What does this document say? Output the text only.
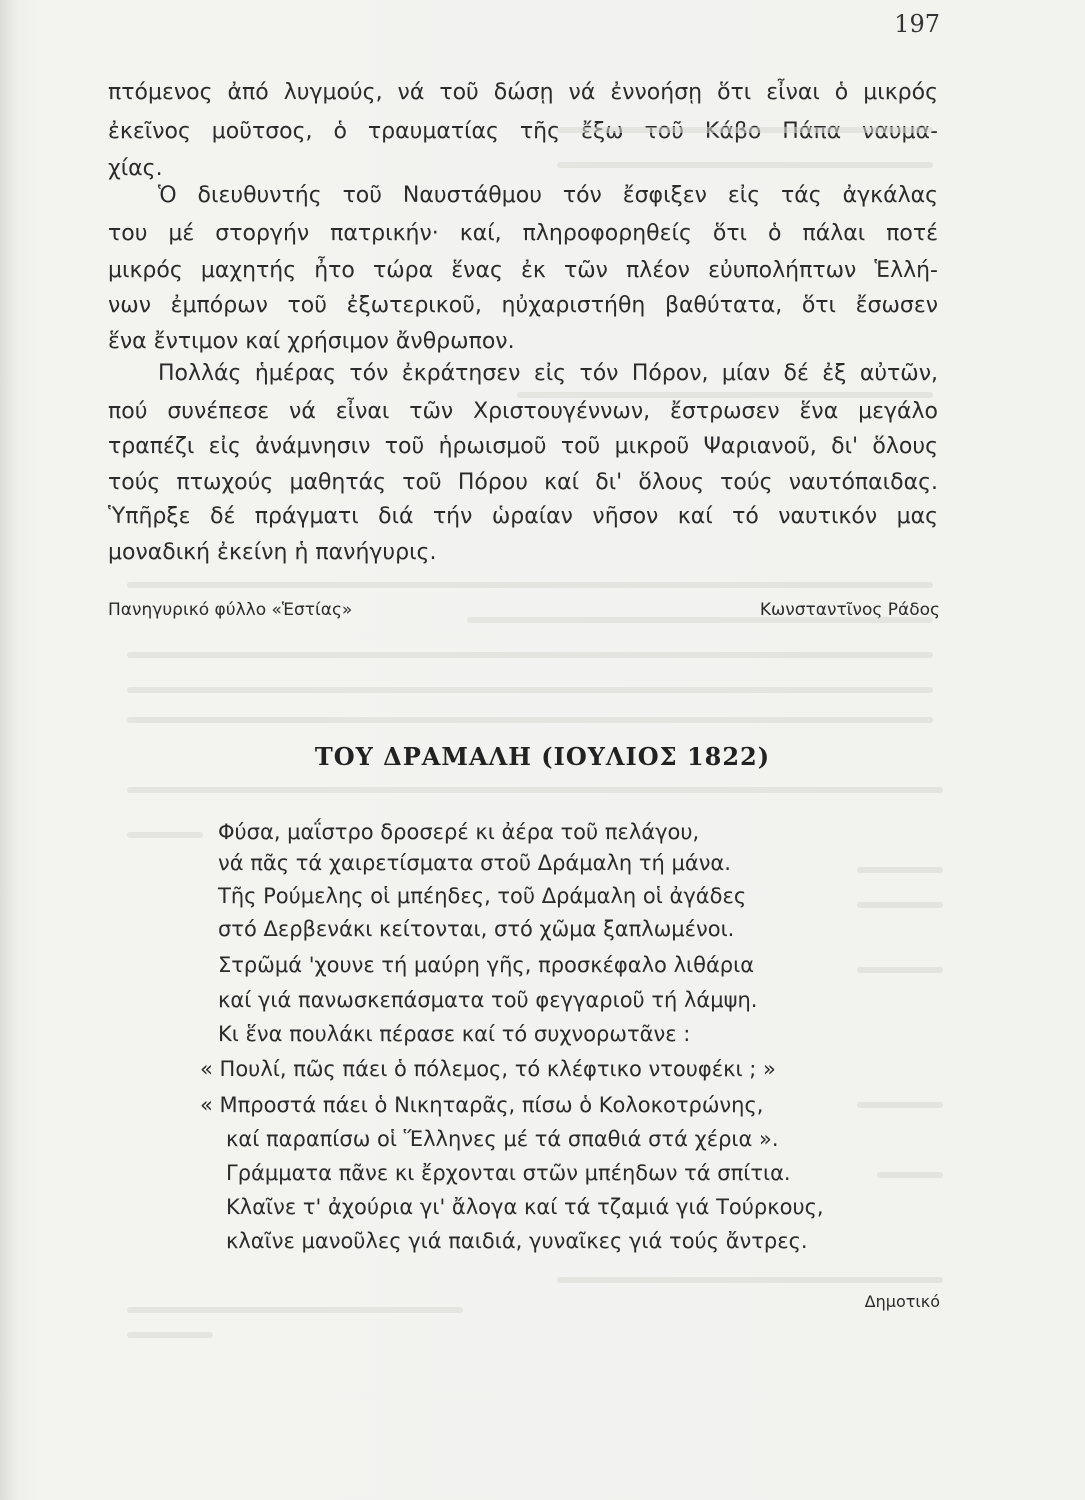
197
πτόμενος ἀπό λυγμούς, νά τοῦ δώσῃ νά ἐννοήσῃ ὅτι εἶναι ὁ μικρός
ἐκεῖνος μοῦτσος, ὁ τραυματίας τῆς ἔξω τοῦ Κάβο Πάπα ναυμα-
χίας.
Ὁ διευθυντής τοῦ Ναυστάθμου τόν ἔσφιξεν εἰς τάς ἀγκάλας
του μέ στοργήν πατρικήν· καί, πληροφορηθείς ὅτι ὁ πάλαι ποτέ
μικρός μαχητής ἦτο τώρα ἕνας ἐκ τῶν πλέον εὐυπολήπτων Ἑλλή-
νων ἐμπόρων τοῦ ἐξωτερικοῦ, ηὐχαριστήθη βαθύτατα, ὅτι ἔσωσεν
ἕνα ἔντιμον καί χρήσιμον ἄνθρωπον.
Πολλάς ἡμέρας τόν ἐκράτησεν εἰς τόν Πόρον, μίαν δέ ἐξ αὐτῶν,
πού συνέπεσε νά εἶναι τῶν Χριστουγέννων, ἔστρωσεν ἕνα μεγάλο
τραπέζι εἰς ἀνάμνησιν τοῦ ἡρωισμοῦ τοῦ μικροῦ Ψαριανοῦ, δι' ὅλους
τούς πτωχούς μαθητάς τοῦ Πόρου καί δι' ὅλους τούς ναυτόπαιδας.
Ὑπῆρξε δέ πράγματι διά τήν ὡραίαν νῆσον καί τό ναυτικόν μας
μοναδική ἐκείνη ἡ πανήγυρις.
Πανηγυρικό φύλλο «Ἑστίας»	Κωνσταντῖνος Ράδος
ΤΟΥ ΔΡΑΜΑΛΗ (ΙΟΥΛΙΟΣ 1822)
Φύσα, μαΐστρο δροσερέ κι ἀέρα τοῦ πελάγου,
νά πᾶς τά χαιρετίσματα στοῦ Δράμαλη τή μάνα.
Τῆς Ρούμελης οἱ μπέηδες, τοῦ Δράμαλη οἱ ἀγάδες
στό Δερβενάκι κείτονται, στό χῶμα ξαπλωμένοι.
Στρῶμά 'χουνε τή μαύρη γῆς, προσκέφαλο λιθάρια
καί γιά πανωσκεπάσματα τοῦ φεγγαριοῦ τή λάμψη.
Κι ἕνα πουλάκι πέρασε καί τό συχνορωτᾶνε :
« Πουλί, πῶς πάει ὁ πόλεμος, τό κλέφτικο ντουφέκι ; »
« Μπροστά πάει ὁ Νικηταρᾶς, πίσω ὁ Κολοκοτρώνης,
καί παραπίσω οἱ Ἕλληνες μέ τά σπαθιά στά χέρια ».
Γράμματα πᾶνε κι ἔρχονται στῶν μπέηδων τά σπίτια.
Κλαῖνε τ' ἀχούρια γι' ἄλογα καί τά τζαμιά γιά Τούρκους,
κλαῖνε μανοῦλες γιά παιδιά, γυναῖκες γιά τούς ἄντρες.
Δημοτικό
